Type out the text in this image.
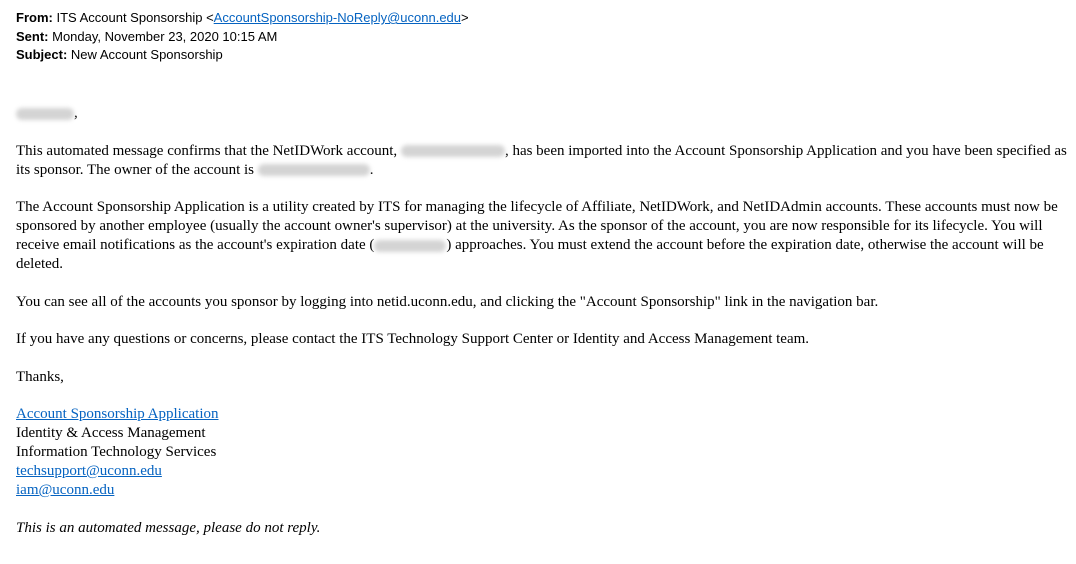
From: ITS Account Sponsorship <AccountSponsorship-NoReply@uconn.edu>
Sent: Monday, November 23, 2020 10:15 AM
Subject: New Account Sponsorship

,

This automated message confirms that the NetIDWork account,	, has been imported into the Account Sponsorship Application and you have been specified as its sponsor. The owner of the account is	.

The Account Sponsorship Application is a utility created by ITS for managing the lifecycle of Affiliate, NetIDWork, and NetIDAdmin accounts. These accounts must now be sponsored by another employee (usually the account owner's supervisor) at the university. As the sponsor of the account, you are now responsible for its lifecycle. You will receive email notifications as the account's expiration date (	) approaches. You must extend the account before the expiration date, otherwise the account will be deleted.

You can see all of the accounts you sponsor by logging into netid.uconn.edu, and clicking the "Account Sponsorship" link in the navigation bar.

If you have any questions or concerns, please contact the ITS Technology Support Center or Identity and Access Management team.

Thanks,

Account Sponsorship Application
Identity & Access Management
Information Technology Services
techsupport@uconn.edu
iam@uconn.edu

This is an automated message, please do not reply.
